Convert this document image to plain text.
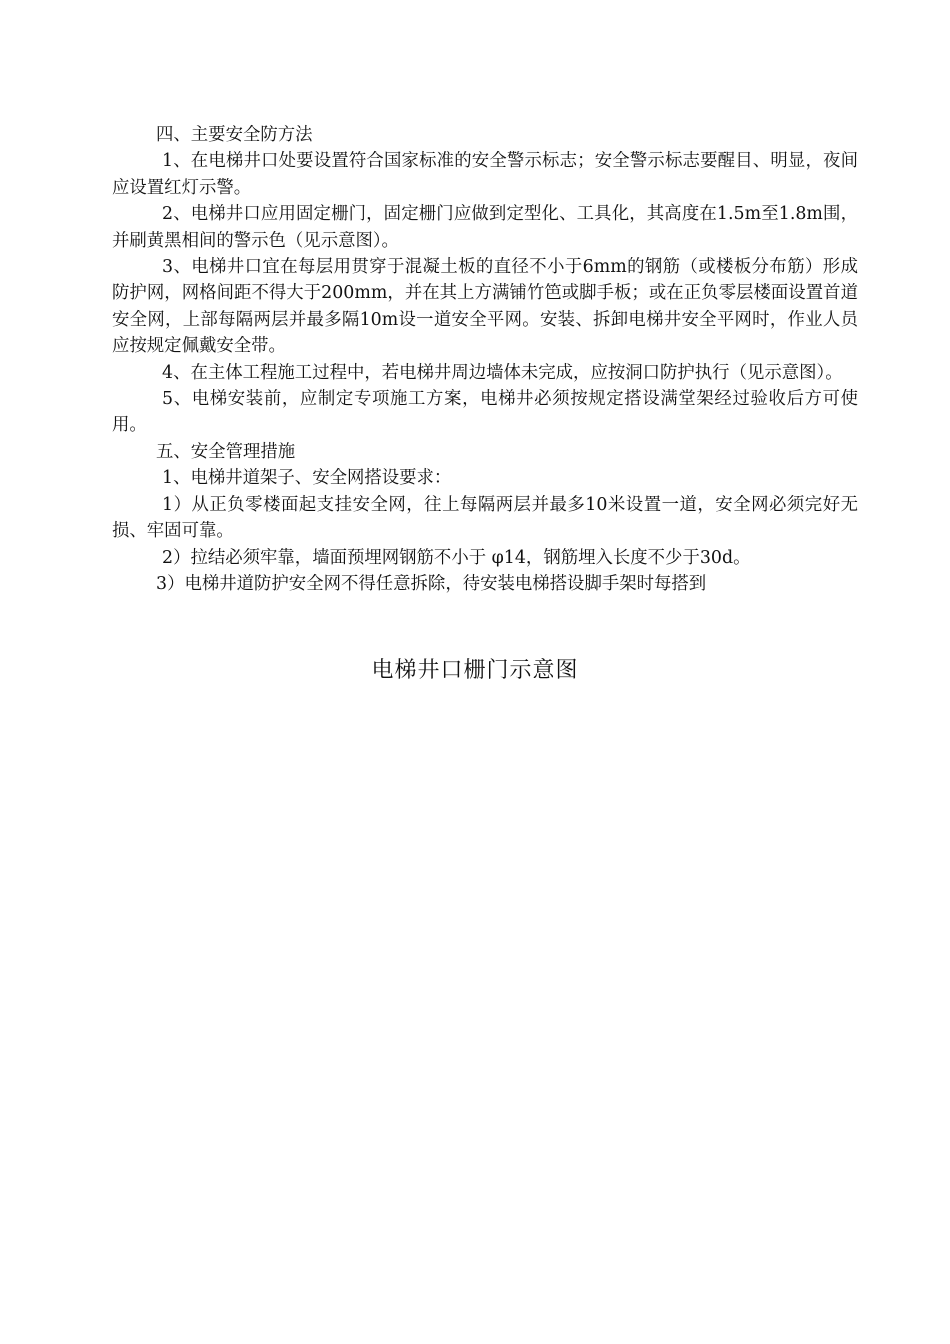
四、主要安全防方法

1、在电梯井口处要设置符合国家标准的安全警示标志；安全警示标志要醒目、明显，夜间应设置红灯示警。

2、电梯井口应用固定栅门，固定栅门应做到定型化、工具化，其高度在1.5m至1.8m围，并刷黄黑相间的警示色（见示意图）。

3、电梯井口宜在每层用贯穿于混凝土板的直径不小于6mm的钢筋（或楼板分布筋）形成防护网，网格间距不得大于200mm，并在其上方满铺竹笆或脚手板；或在正负零层楼面设置首道安全网，上部每隔两层并最多隔10m设一道安全平网。安装、拆卸电梯井安全平网时，作业人员应按规定佩戴安全带。

4、在主体工程施工过程中，若电梯井周边墙体未完成，应按洞口防护执行（见示意图）。

5、电梯安装前，应制定专项施工方案，电梯井必须按规定搭设满堂架经过验收后方可使用。

五、安全管理措施

1、电梯井道架子、安全网搭设要求：

1）从正负零楼面起支挂安全网，往上每隔两层并最多10米设置一道，安全网必须完好无损、牢固可靠。

2）拉结必须牢靠，墙面预埋网钢筋不小于 φ14，钢筋埋入长度不少于30d。

3）电梯井道防护安全网不得任意拆除，待安装电梯搭设脚手架时每搭到

电梯井口栅门示意图
